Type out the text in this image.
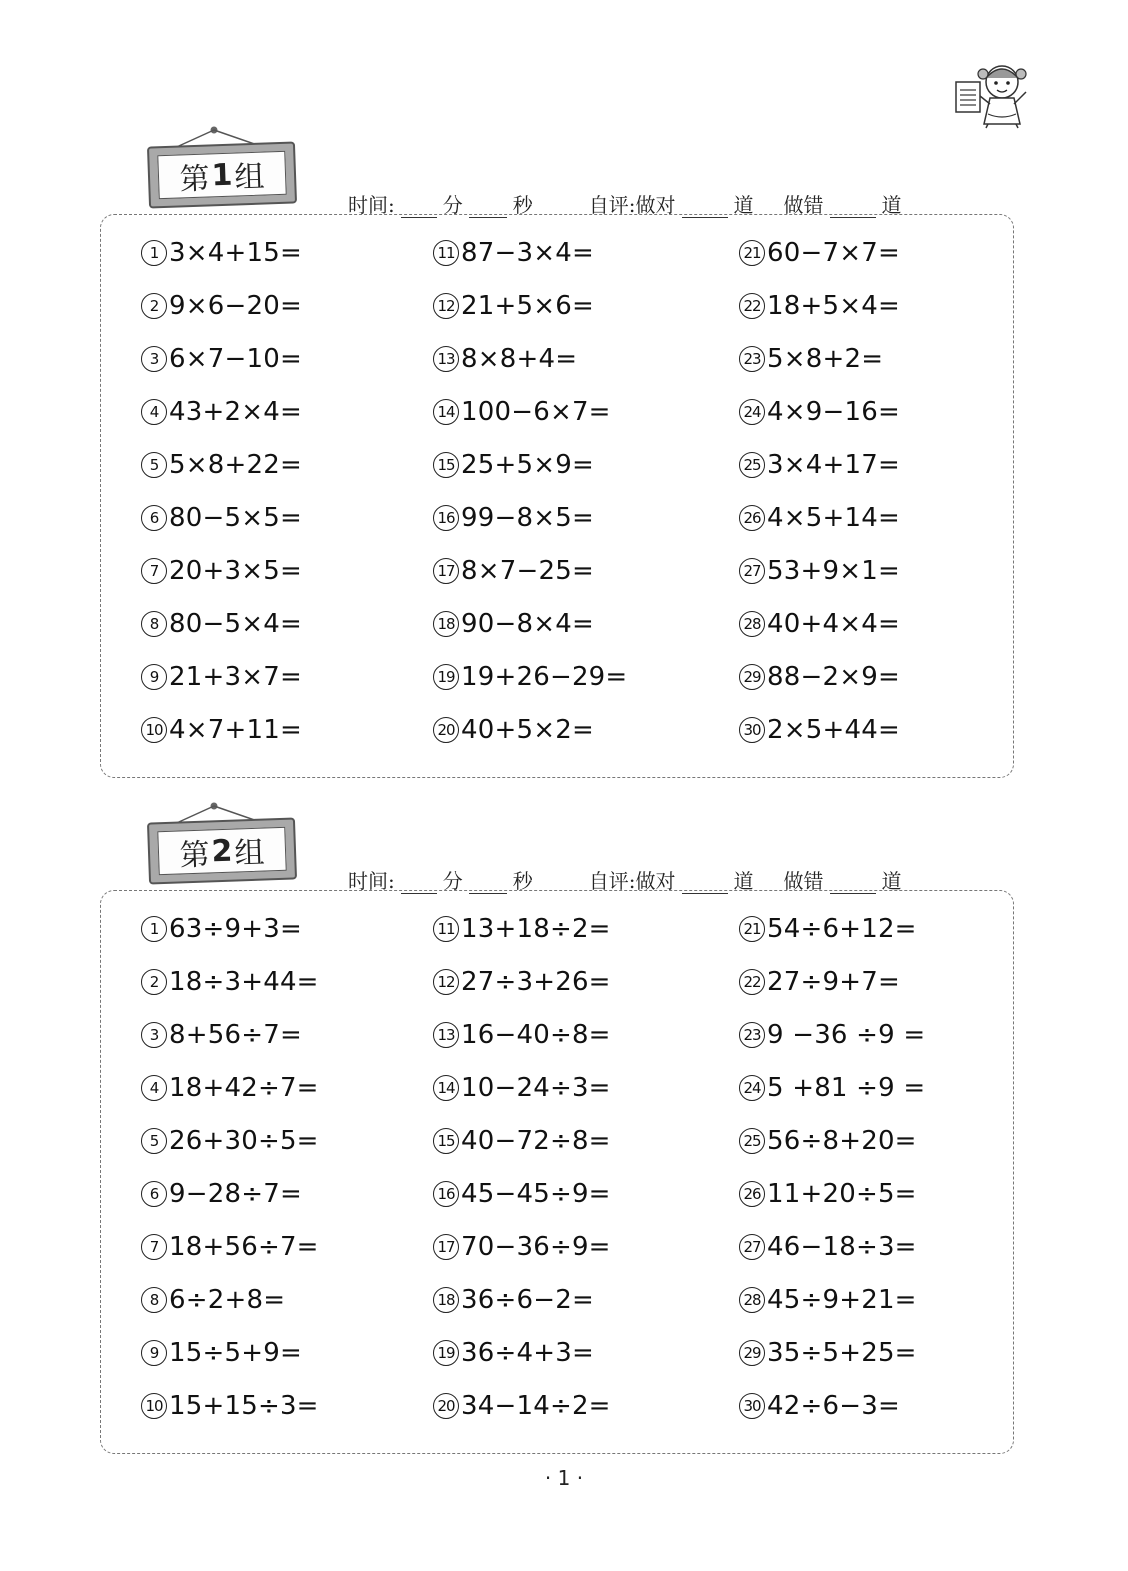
第 1 组
时间: 分	秒	自评:做对	道 做错	道
1 3×4+15=
2 9×6−20=
3 6×7−10=
4 43+2×4=
5 5×8+22=
6 80−5×5=
7 20+3×5=
8 80−5×4=
9 21+3×7=
10 4×7+11=
11 87−3×4=
12 21+5×6=
13 8×8+4=
14 100−6×7=
15 25+5×9=
16 99−8×5=
17 8×7−25=
18 90−8×4=
19 19+26−29=
20 40+5×2=
21 60−7×7=
22 18+5×4=
23 5×8+2=
24 4×9−16=
25 3×4+17=
26 4×5+14=
27 53+9×1=
28 40+4×4=
29 88−2×9=
30 2×5+44=
第 2 组
时间: 分	秒	自评:做对	道 做错	道
1 63÷9+3=
2 18÷3+44=
3 8+56÷7=
4 18+42÷7=
5 26+30÷5=
6 9−28÷7=
7 18+56÷7=
8 6÷2+8=
9 15÷5+9=
10 15+15÷3=
11 13+18÷2=
12 27÷3+26=
13 16−40÷8=
14 10−24÷3=
15 40−72÷8=
16 45−45÷9=
17 70−36÷9=
18 36÷6−2=
19 36÷4+3=
20 34−14÷2=
21 54÷6+12=
22 27÷9+7=
23 9 −36 ÷9 =
24 5 +81 ÷9 =
25 56÷8+20=
26 11+20÷5=
27 46−18÷3=
28 45÷9+21=
29 35÷5+25=
30 42÷6−3=
· 1 ·
